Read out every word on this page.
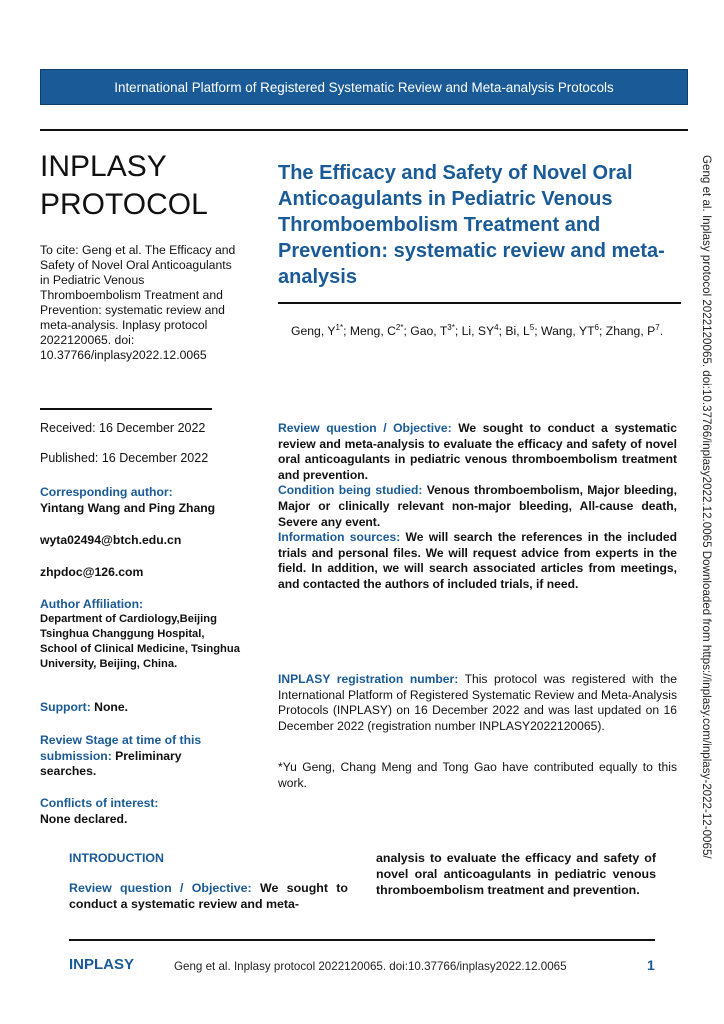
International Platform of Registered Systematic Review and Meta-analysis Protocols
INPLASY
PROTOCOL

To cite: Geng et al. The Efficacy and Safety of Novel Oral Anticoagulants in Pediatric Venous Thromboembolism Treatment and Prevention: systematic review and meta-analysis. Inplasy protocol 2022120065. doi: 10.37766/inplasy2022.12.0065

Received: 16 December 2022

Published: 16 December 2022

Corresponding author:
Yintang Wang and Ping Zhang

wyta02494@btch.edu.cn

zhpdoc@126.com

Author Affiliation:

Department of Cardiology,Beijing Tsinghua Changgung Hospital, School of Clinical Medicine, Tsinghua University, Beijing, China.

Support: None.

Review Stage at time of this submission: Preliminary searches.

Conflicts of interest:
None declared.
The Efficacy and Safety of Novel Oral Anticoagulants in Pediatric Venous Thromboembolism Treatment and Prevention: systematic review and meta-analysis

Geng, $Y^{1*}$; Meng, $C^{2*}$; Gao, $T^{3*}$; Li, $SY^4$; Bi, $L^5$; Wang, $YT^6$; Zhang, $P^7$.

Review question / Objective: We sought to conduct a systematic review and meta-analysis to evaluate the efficacy and safety of novel oral anticoagulants in pediatric venous thromboembolism treatment and prevention.
Condition being studied: Venous thromboembolism, Major bleeding, Major or clinically relevant non-major bleeding, All-cause death, Severe any event.
Information sources: We will search the references in the included trials and personal files. We will request advice from experts in the field. In addition, we will search associated articles from meetings, and contacted the authors of included trials, if need.

INPLASY registration number: This protocol was registered with the International Platform of Registered Systematic Review and Meta-Analysis Protocols (INPLASY) on 16 December 2022 and was last updated on 16 December 2022 (registration number INPLASY2022120065).

*Yu Geng, Chang Meng and Tong Gao have contributed equally to this work.

INTRODUCTION

Review question / Objective: We sought to conduct a systematic review and meta-

analysis to evaluate the efficacy and safety of novel oral anticoagulants in pediatric venous thromboembolism treatment and prevention.

INPLASY	Geng et al. Inplasy protocol 2022120065. doi:10.37766/inplasy2022.12.0065	1
Geng et al. Inplasy protocol 2022120065. doi:10.37766/inplasy2022.12.0065 Downloaded from https://inplasy.com/inplasy-2022-12-0065/
